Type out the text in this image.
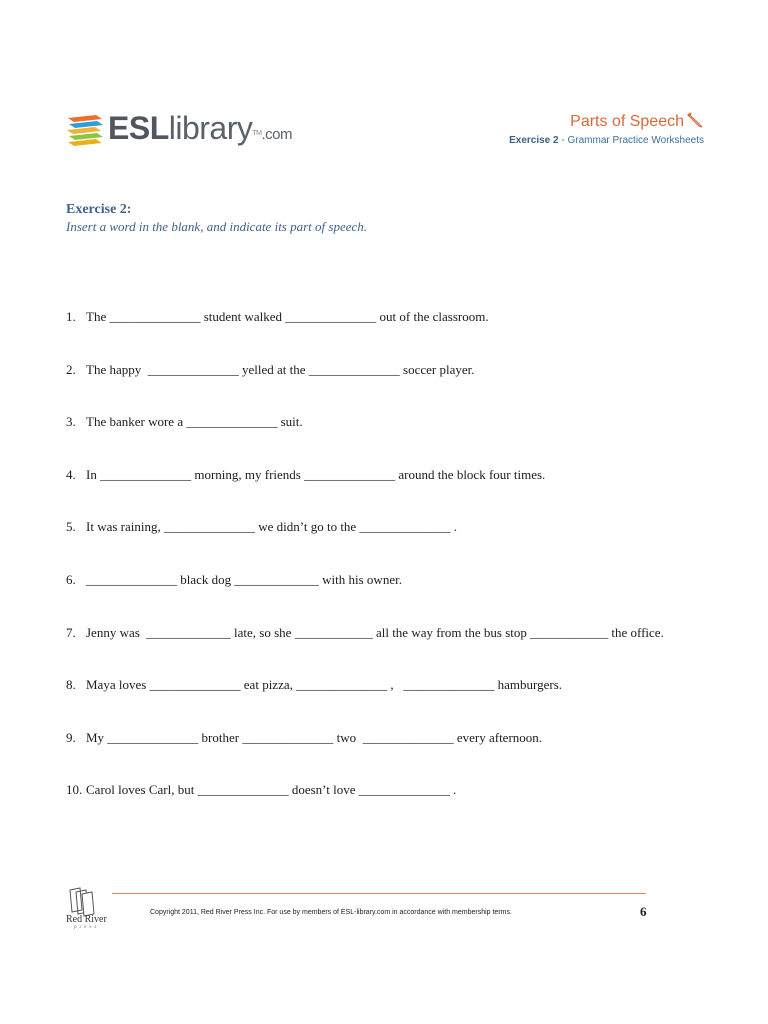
ESLlibrary™.com
Parts of Speech
Exercise 2 - Grammar Practice Worksheets
Exercise 2:
Insert a word in the blank, and indicate its part of speech.
1. The ______________ student walked ______________ out of the classroom.
2. The happy  ______________ yelled at the ______________ soccer player.
3. The banker wore a ______________ suit.
4. In ______________ morning, my friends ______________ around the block four times.
5. It was raining, ______________ we didn’t go to the ______________ .
6. ______________ black dog _____________ with his owner.
7. Jenny was  _____________ late, so she ____________ all the way from the bus stop ____________ the office.
8. Maya loves ______________ eat pizza, ______________ ,   ______________ hamburgers.
9. My ______________ brother ______________ two  ______________ every afternoon.
10. Carol loves Carl, but ______________ doesn’t love ______________ .
Red River
press
Copyright 2011, Red River Press Inc. For use by members of ESL-library.com in accordance with membership terms.	6
